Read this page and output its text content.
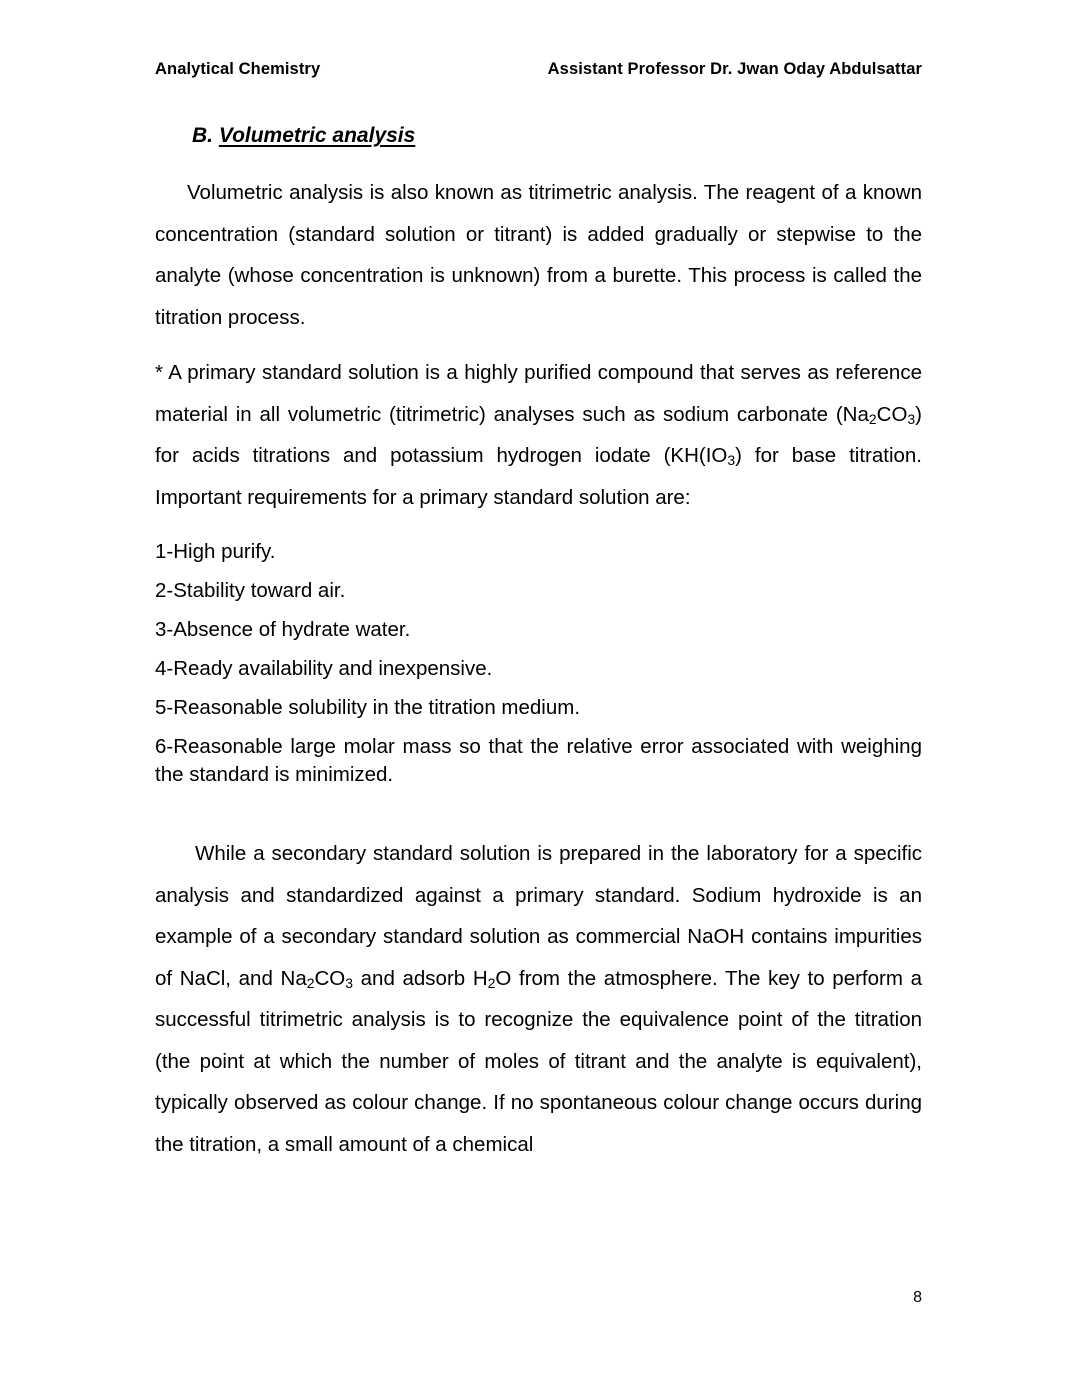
Analytical Chemistry	Assistant Professor Dr. Jwan Oday Abdulsattar
B. Volumetric analysis

Volumetric analysis is also known as titrimetric analysis. The reagent of a known concentration (standard solution or titrant) is added gradually or stepwise to the analyte (whose concentration is unknown) from a burette. This process is called the titration process.

* A primary standard solution is a highly purified compound that serves as reference material in all volumetric (titrimetric) analyses such as sodium carbonate $(Na_2CO_3)$ for acids titrations and potassium hydrogen iodate ($KH(IO_3)$ for base titration. Important requirements for a primary standard solution are:

1-High purify.
2-Stability toward air.
3-Absence of hydrate water.
4-Ready availability and inexpensive.
5-Reasonable solubility in the titration medium.
6-Reasonable large molar mass so that the relative error associated with weighing the standard is minimized.

While a secondary standard solution is prepared in the laboratory for a specific analysis and standardized against a primary standard. Sodium hydroxide is an example of a secondary standard solution as commercial NaOH contains impurities of NaCl, and $Na_2CO_3$ and adsorb $H_2O$ from the atmosphere. The key to perform a successful titrimetric analysis is to recognize the equivalence point of the titration (the point at which the number of moles of titrant and the analyte is equivalent), typically observed as colour change. If no spontaneous colour change occurs during the titration, a small amount of a chemical

8
